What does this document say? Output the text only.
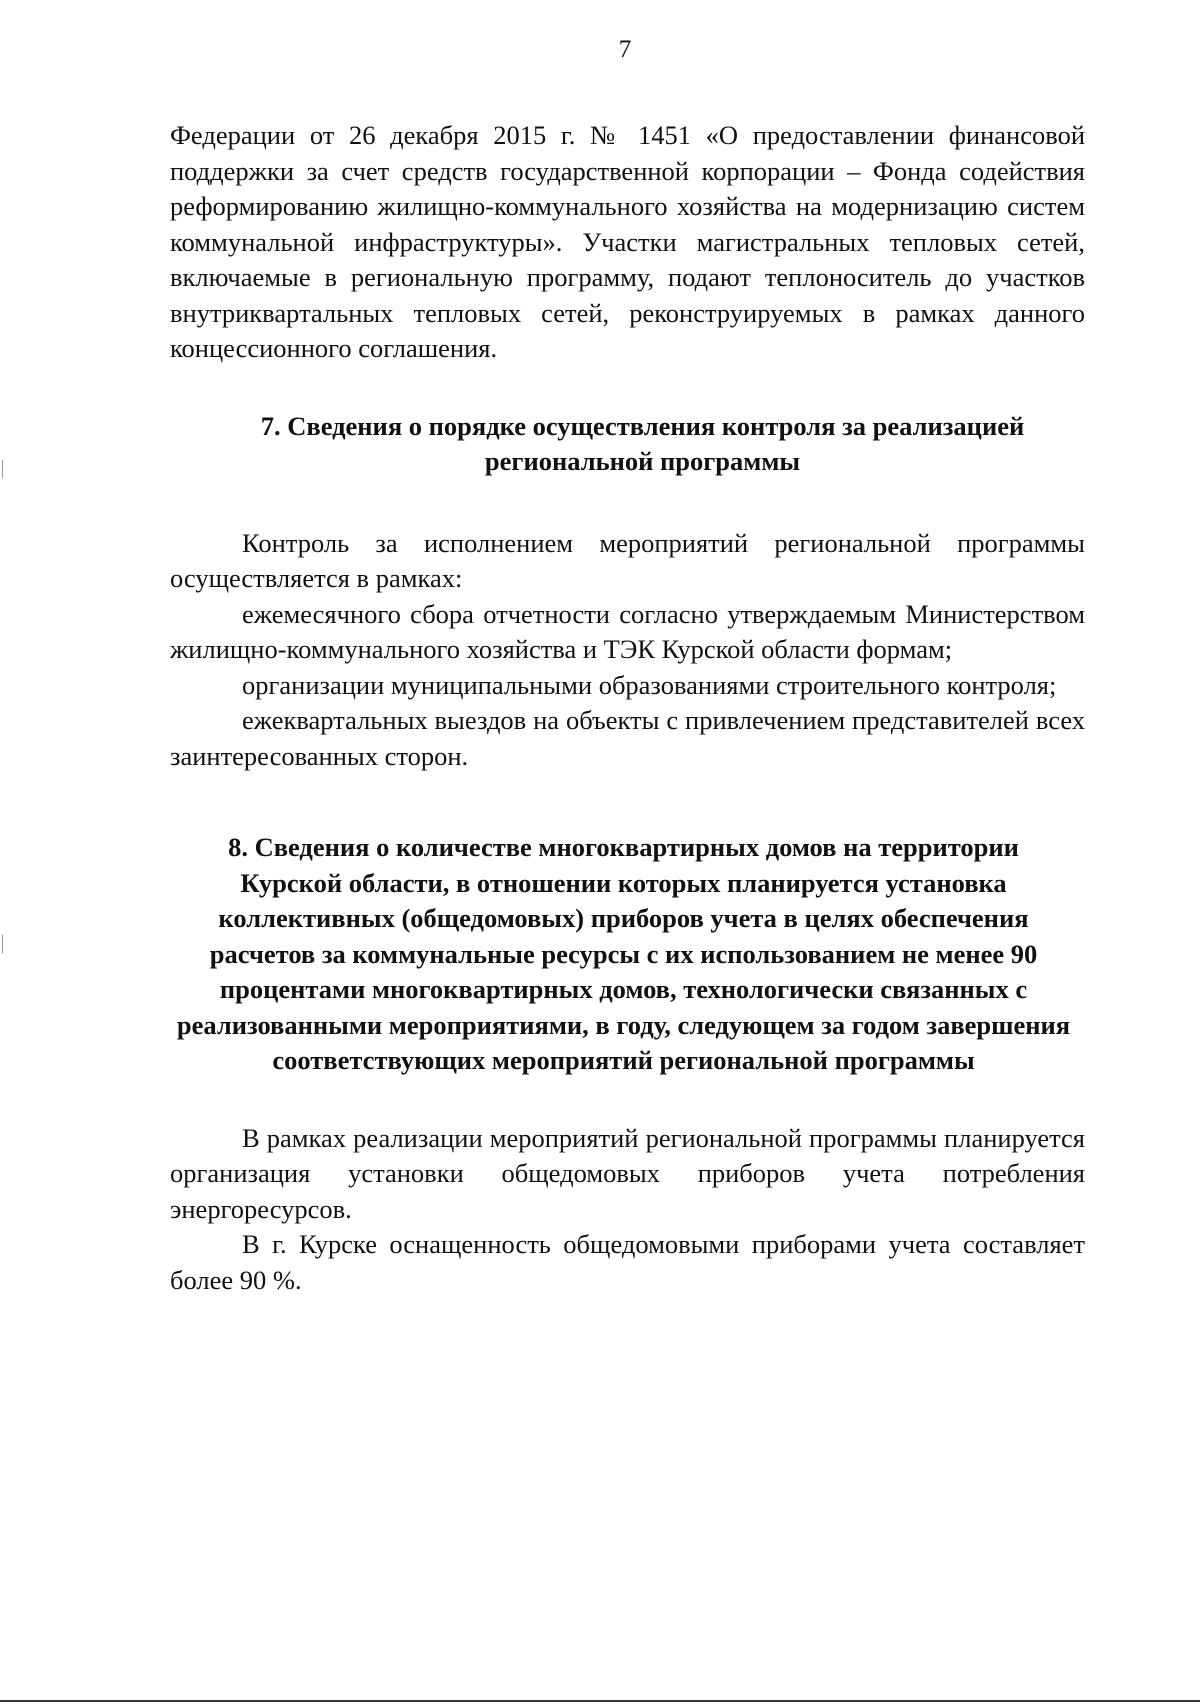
7

Федерации от 26 декабря 2015 г. № 1451 «О предоставлении финансовой поддержки за счет средств государственной корпорации – Фонда содействия реформированию жилищно-коммунального хозяйства на модернизацию систем коммунальной инфраструктуры». Участки магистральных тепловых сетей, включаемые в региональную программу, подают теплоноситель до участков внутриквартальных тепловых сетей, реконструируемых в рамках данного концессионного соглашения.

7. Сведения о порядке осуществления контроля за реализацией
региональной программы

Контроль за исполнением мероприятий региональной программы осуществляется в рамках:

ежемесячного сбора отчетности согласно утверждаемым Министерством жилищно-коммунального хозяйства и ТЭК Курской области формам;

организации муниципальными образованиями строительного контроля;

ежеквартальных выездов на объекты с привлечением представителей всех заинтересованных сторон.

8. Сведения о количестве многоквартирных домов на территории Курской области, в отношении которых планируется установка коллективных (общедомовых) приборов учета в целях обеспечения расчетов за коммунальные ресурсы с их использованием не менее 90 процентами многоквартирных домов, технологически связанных с реализованными мероприятиями, в году, следующем за годом завершения соответствующих мероприятий региональной программы

В рамках реализации мероприятий региональной программы планируется организация установки общедомовых приборов учета потребления энергоресурсов.

В г. Курске оснащенность общедомовыми приборами учета составляет более 90 %.
